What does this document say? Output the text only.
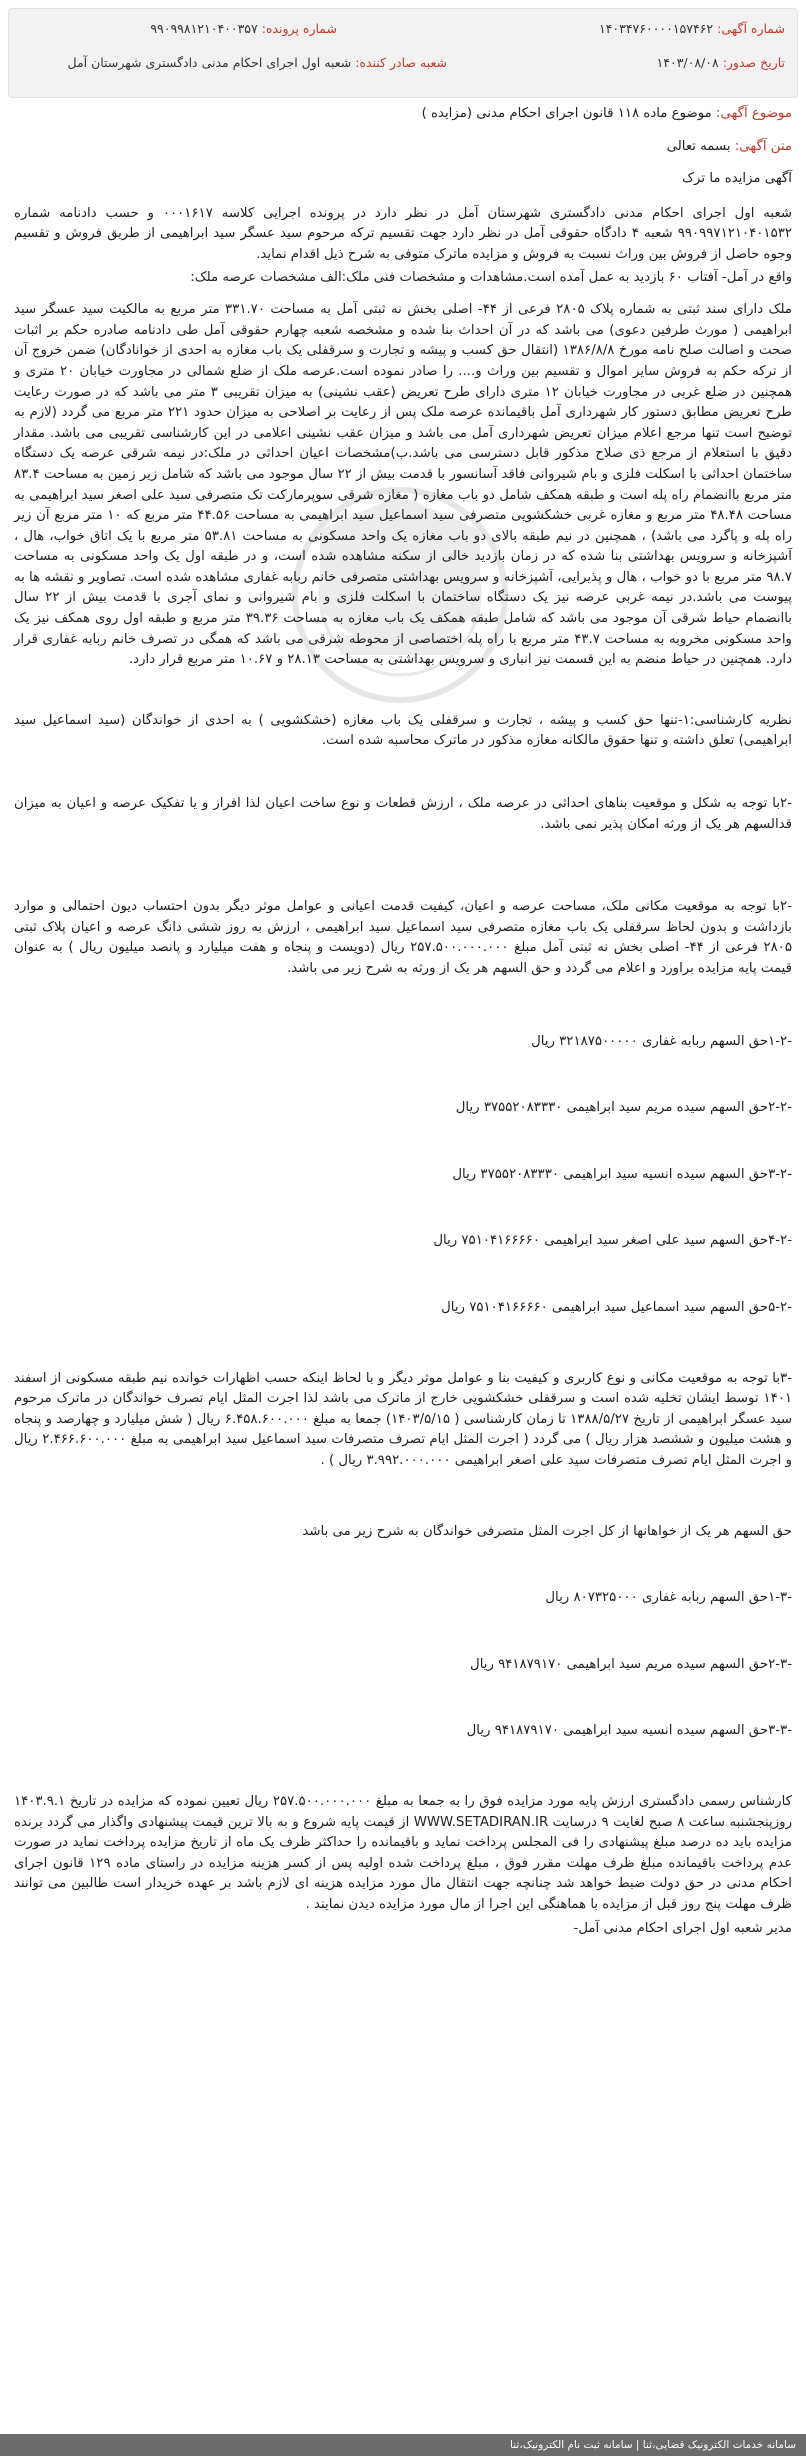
شماره آگهی: ۱۴۰۳۴۷۶۰۰۰۰۱۵۷۴۶۲
شماره پرونده: ۹۹۰۹۹۸۱۲۱۰۴۰۰۳۵۷
تاریخ صدور: ۱۴۰۳/۰۸/۰۸
شعبه صادر کننده: شعبه اول اجرای احکام مدنی دادگستری شهرستان آمل

موضوع آگهی: موضوع ماده ۱۱۸ قانون اجرای احکام مدنی (مزایده )

متن آگهی: بسمه تعالی

آگهی مزایده ما ترک

شعبه اول اجرای احکام مدنی دادگستری شهرستان آمل در نظر دارد در پرونده اجرایی کلاسه ۰۰۰۱۶۱۷ و حسب دادنامه شماره ۹۹۰۹۹۷۱۲۱۰۴۰۱۵۳۲ شعبه ۴ دادگاه حقوقی آمل در نظر دارد جهت تقسیم ترکه مرحوم سید عسگر سید ابراهیمی از طریق فروش و تقسیم وجوه حاصل از فروش بین وراث نسبت به فروش و مزایده ماترک متوفی به شرح ذیل اقدام نماید.

واقع در آمل- آفتاب ۶۰ بازدید به عمل آمده است.مشاهدات و مشخصات فنی ملک:الف مشخصات عرصه ملک:

ملک دارای سند ثبتی به شماره پلاک ۲۸۰۵ فرعی از ۴۴- اصلی بخش نه ثبتی آمل به مساحت ۳۳۱.۷۰ متر مربع به مالکیت سید عسگر سید ابراهیمی ( مورث طرفین دعوی) می باشد که در آن احداث بنا شده و مشخصه شعبه چهارم حقوقی آمل طی دادنامه صادره حکم بر اثبات صحت و اصالت صلح نامه مورخ ۱۳۸۶/۸/۸ (انتقال حق کسب و پیشه و تجارت و سرقفلی یک باب مغازه به احدی از خوانادگان) ضمن خروج آن از ترکه حکم به فروش سایر اموال و تقسیم بین وراث و.... را صادر نموده است.عرصه ملک از ضلع شمالی در مجاورت خیابان ۲۰ متری و همچنین در ضلع غربی در مجاورت خیابان ۱۲ متری دارای طرح تعریض (عقب نشینی) به میزان تقریبی ۳ متر می باشد که در صورت رعایت طرح تعریض مطابق دستور کار شهرداری آمل باقیمانده عرصه ملک پس از رعایت بر اصلاحی به میزان حدود ۲۲۱ متر مربع می گردد (لازم به توضیح است تنها مرجع اعلام میزان تعریض شهرداری آمل می باشد و میزان عقب نشینی اعلامی در این کارشناسی تقریبی می باشد. مقدار دقیق با استعلام از مرجع ذی صلاح مذکور قابل دسترسی می باشد.ب)مشخصات اعیان احداثی در ملک:در نیمه شرقی عرصه یک دستگاه ساختمان احداثی با اسکلت فلزی و بام شیروانی فاقد آسانسور با قدمت بیش از ۲۲ سال موجود می باشد که شامل زیر زمین به مساحت ۸۳.۴ متر مربع باانضمام راه پله است و طبقه همکف شامل دو باب مغازه ( مغازه شرقی سوپرمارکت تک متصرفی سید علی اصغر سید ابراهیمی به مساحت ۴۸.۴۸ متر مربع و مغازه غربی خشکشویی متصرفی سید اسماعیل سید ابراهیمی به مساحت ۴۴.۵۶ متر مربع که ۱۰ متر مربع آن زیر راه پله و پاگرد می باشد) ، همچنین در نیم طبقه بالای دو باب مغازه یک واحد مسکونی به مساحت ۵۳.۸۱ متر مربع با یک اتاق خواب، هال ، آشپزخانه و سرویس بهداشتی بنا شده که در زمان بازدید خالی از سکنه مشاهده شده است، و در طبقه اول یک واحد مسکونی به مساحت ۹۸.۷ متر مربع با دو خواب ، هال و پذیرایی، آشپزخانه و سرویس بهداشتی متصرفی خانم ربابه غفاری مشاهده شده است. تصاویر و نقشه ها به پیوست می باشد.در نیمه غربی عرصه نیز یک دستگاه ساختمان با اسکلت فلزی و بام شیروانی و نمای آجری با قدمت بیش از ۲۲ سال باانضمام حیاط شرقی آن موجود می باشد که شامل طبقه همکف یک باب مغازه به مساحت ۳۹.۳۶ متر مربع و طبقه اول روی همکف نیز یک واحد مسکونی مخروبه به مساحت ۴۳.۷ متر مربع با راه پله اختصاصی از محوطه شرقی می باشد که همگی در تصرف خانم ربابه غفاری قرار دارد. همچنین در حیاط منضم به این قسمت نیز انباری و سرویس بهداشتی به مساحت ۲۸.۱۳ و ۱۰.۶۷ متر مربع قرار دارد.

نظریه کارشناسی:۱-تنها حق کسب و پیشه ، تجارت و سرقفلی یک باب مغازه (خشکشویی ) به احدی از خواندگان (سید اسماعیل سید ابراهیمی) تعلق داشته و تنها حقوق مالکانه مغازه مذکور در ماترک محاسبه شده است.

-۲با توجه به شکل و موقعیت بناهای احداثی در عرصه ملک ، ارزش قطعات و نوع ساخت اعیان لذا افراز و یا تفکیک عرصه و اعیان به میزان قدالسهم هر یک از ورثه امکان پذیر نمی باشد.

-۲با توجه به موقعیت مکانی ملک، مساحت عرصه و اعیان، کیفیت قدمت اعیانی و عوامل موثر دیگر بدون احتساب دیون احتمالی و موارد بازداشت و بدون لحاظ سرقفلی یک باب مغازه متصرفی سید اسماعیل سید ابراهیمی ، ارزش به روز ششی دانگ عرصه و اعیان پلاک ثبتی ۲۸۰۵ فرعی از ۴۴- اصلی بخش نه ثبتی آمل مبلغ ۲۵۷.۵۰۰.۰۰۰.۰۰۰ ریال (دویست و پنجاه و هفت میلیارد و پانصد میلیون ریال ) به عنوان قیمت پایه مزایده براورد و اعلام می گردد و حق السهم هر یک از ورثه به شرح زیر می باشد.

-۱-۲حق السهم ربابه غفاری ۳۲۱۸۷۵۰۰۰۰۰ ریال

-۲-۲حق السهم سیده مریم سید ابراهیمی ۳۷۵۵۲۰۸۳۳۳۰ ریال

-۳-۲حق السهم سیده انسیه سید ابراهیمی ۳۷۵۵۲۰۸۳۳۳۰ ریال

-۴-۲حق السهم سید علی اصغر سید ابراهیمی ۷۵۱۰۴۱۶۶۶۶۰ ریال

-۵-۲حق السهم سید اسماعیل سید ابراهیمی ۷۵۱۰۴۱۶۶۶۶۰ ریال

-۳با توجه به موقعیت مکانی و نوع کاربری و کیفیت بنا و عوامل موثر دیگر و با لحاظ اینکه حسب اظهارات خوانده نیم طبقه مسکونی از اسفند ۱۴۰۱ توسط ایشان تخلیه شده است و سرقفلی خشکشویی خارج از ماترک می باشد لذا اجرت المثل ایام تصرف خواندگان در ماترک مرحوم سید عسگر ابراهیمی از تاریخ ۱۳۸۸/۵/۲۷ تا زمان کارشناسی ( ۱۴۰۳/۵/۱۵) جمعا به مبلغ ۶.۴۵۸.۶۰۰.۰۰۰ ریال ( شش میلیارد و چهارصد و پنجاه و هشت میلیون و ششصد هزار ریال ) می گردد ( اجرت المثل ایام تصرف متصرفات سید اسماعیل سید ابراهیمی به مبلغ ۲.۴۶۶.۶۰۰.۰۰۰ ریال و اجرت المثل ایام تصرف متصرفات سید علی اصغر ابراهیمی ۳.۹۹۲.۰۰۰.۰۰۰ ریال ) .

حق السهم هر یک از خواهانها از کل اجرت المثل متصرفی خواندگان به شرح زیر می باشد

-۱-۳حق السهم ربابه غفاری ۸۰۷۳۲۵۰۰۰ ریال

-۲-۳حق السهم سیده مریم سید ابراهیمی ۹۴۱۸۷۹۱۷۰ ریال

-۳-۳حق السهم سیده انسیه سید ابراهیمی ۹۴۱۸۷۹۱۷۰ ریال

کارشناس رسمی دادگستری ارزش پایه مورد مزایده فوق را به جمعا به مبلغ ۲۵۷.۵۰۰.۰۰۰.۰۰۰ ریال تعیین نموده که مزایده در تاریخ ۱۴۰۳.۹.۱ روزپنجشنبه ساعت ۸ صبح لغایت ۹ درسایت WWW.SETADIRAN.IR از قیمت پایه شروع و به بالا ترین قیمت پیشنهادی واگذار می گردد برنده مزایده باید ده درصد مبلغ پیشنهادی را فی المجلس پرداخت نماید و باقیمانده را حداکثر ظرف یک ماه از تاریخ مزایده پرداخت نماید در صورت عدم پرداخت باقیمانده مبلغ ظرف مهلت مقرر فوق ، مبلغ پرداخت شده اولیه پس از کسر هزینه مزایده در راستای ماده ۱۲۹ قانون اجرای احکام مدنی در حق دولت ضبط خواهد شد چنانچه جهت انتقال مال مورد مزایده هزینه ای لازم باشد بر عهده خریدار است طالبین می توانند ظرف مهلت پنج روز قبل از مزایده با هماهنگی این اجرا از مال مورد مزایده دیدن نمایند .

مدیر شعبه اول اجرای احکام مدنی آمل-

سامانه خدمات الکترونیک قضایی،ثنا | سامانه ثبت نام الکترونیک،ثنا
